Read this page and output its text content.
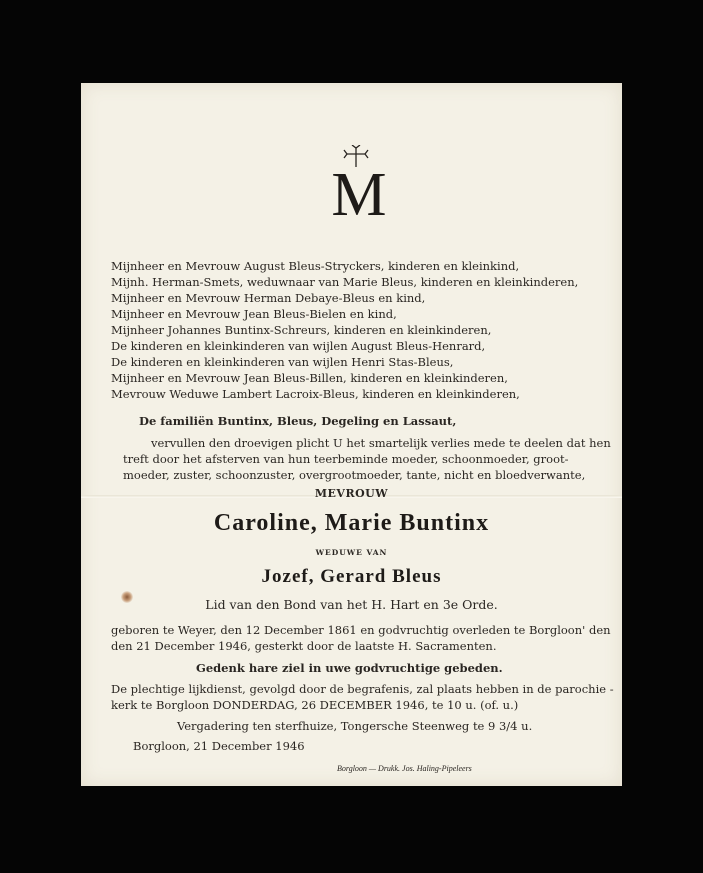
M
Mijnheer en Mevrouw August Bleus-Stryckers, kinderen en kleinkind,
Mijnh. Herman-Smets, weduwnaar van Marie Bleus, kinderen en kleinkinderen,
Mijnheer en Mevrouw Herman Debaye-Bleus en kind,
Mijnheer en Mevrouw Jean Bleus-Bielen en kind,
Mijnheer Johannes Buntinx-Schreurs, kinderen en kleinkinderen,
De kinderen en kleinkinderen van wijlen August Bleus-Henrard,
De kinderen en kleinkinderen van wijlen Henri Stas-Bleus,
Mijnheer en Mevrouw Jean Bleus-Billen, kinderen en kleinkinderen,
Mevrouw Weduwe Lambert Lacroix-Bleus, kinderen en kleinkinderen,
De familiën Buntinx, Bleus, Degeling en Lassaut,
vervullen den droevigen plicht U het smartelijk verlies mede te deelen dat hen
treft door het afsterven van hun teerbeminde moeder, schoonmoeder, groot-
moeder, zuster, schoonzuster, overgrootmoeder, tante, nicht en bloedverwante,
MEVROUW
Caroline, Marie Buntinx
WEDUWE VAN
Jozef, Gerard Bleus
Lid van den Bond van het H. Hart en 3e Orde.
geboren te Weyer, den 12 December 1861 en godvruchtig overleden te Borgloon' den
den 21 December 1946, gesterkt door de laatste H. Sacramenten.
Gedenk hare ziel in uwe godvruchtige gebeden.
De plechtige lijkdienst, gevolgd door de begrafenis, zal plaats hebben in de parochie -
kerk te Borgloon DONDERDAG, 26 DECEMBER 1946, te 10 u. (of. u.)
Vergadering ten sterfhuize, Tongersche Steenweg te 9 3/4 u.
Borgloon, 21 December 1946
Borgloon — Drukk. Jos. Haling-Pipeleers
